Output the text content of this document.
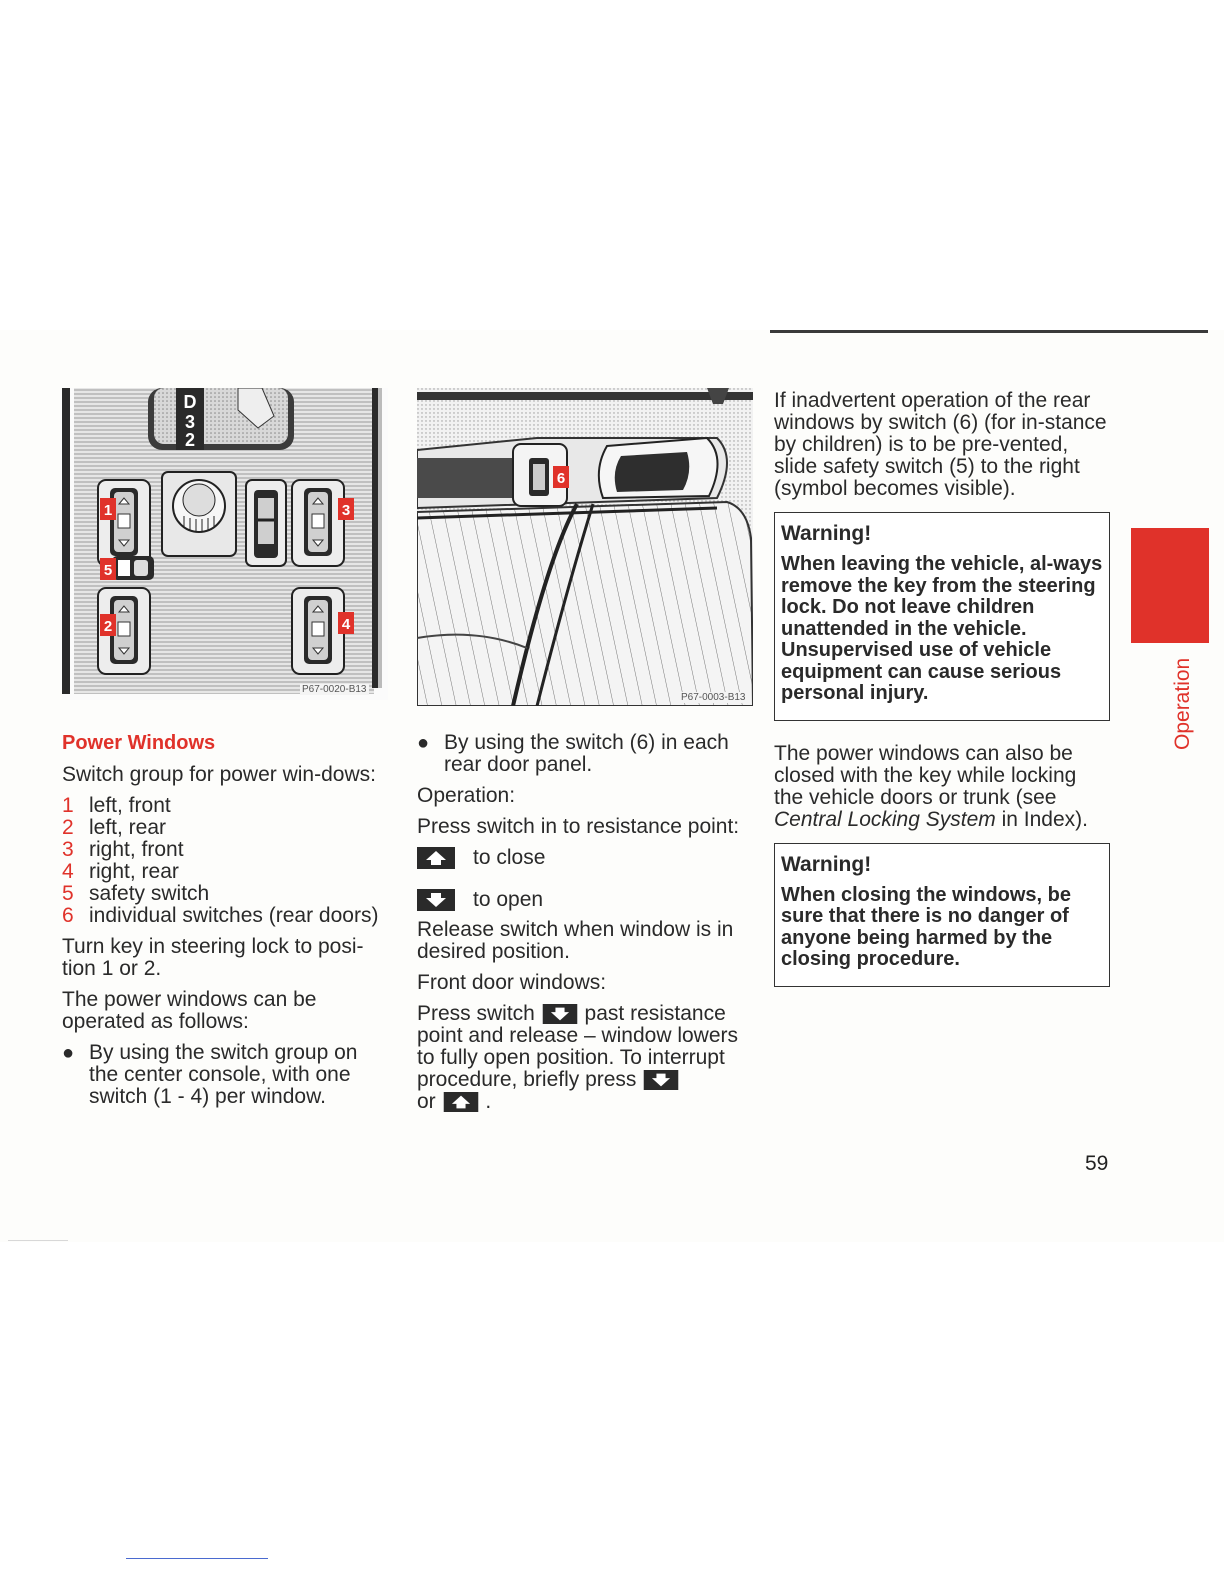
D
3
2
1
2
3
4
5
P67-0020-B13
6
P67-0003-B13

Power Windows

Switch group for power win-dows:

1 left, front
2 left, rear
3 right, front
4 right, rear
5 safety switch
6 individual switches (rear doors)

Turn key in steering lock to posi-tion 1 or 2.

The power windows can be operated as follows:

● By using the switch group on the center console, with one switch (1 - 4) per window.
● By using the switch (6) in each rear door panel.

Operation:

Press switch in to resistance point:

to close
to open

Release switch when window is in desired position.

Front door windows:

Press switch past resistance point and release – window lowers to fully open position. To interrupt procedure, briefly press
or .

If inadvertent operation of the rear windows by switch (6) (for in-stance by children) is to be pre-vented, slide safety switch (5) to the right (symbol becomes visible).

Warning!

When leaving the vehicle, al-ways remove the key from the steering lock. Do not leave children unattended in the vehicle. Unsupervised use of vehicle equipment can cause serious personal injury.

The power windows can also be closed with the key while locking the vehicle doors or trunk (see Central Locking System in Index).

Warning!

When closing the windows, be sure that there is no danger of anyone being harmed by the closing procedure.

Operation
59
